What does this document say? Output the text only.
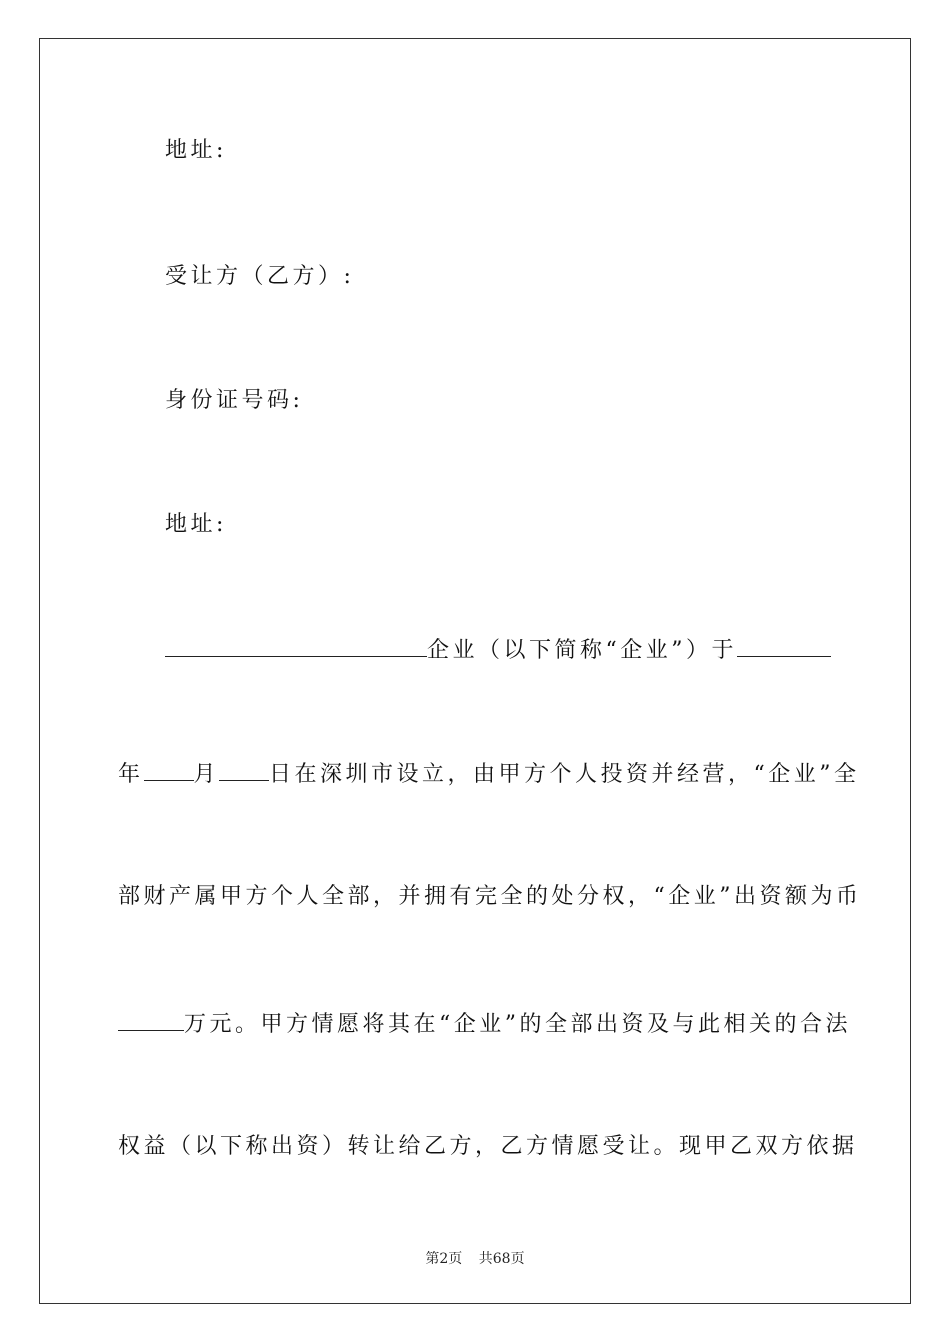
地址:
受让方（乙方）:
身份证号码:
地址:
企业（以下简称“企业”）于
年 月 日在深圳市设立，由甲方个人投资并经营，“企业”全
部财产属甲方个人全部，并拥有完全的处分权，“企业”出资额为币
万元。甲方情愿将其在“企业”的全部出资及与此相关的合法
权益（以下称出资）转让给乙方，乙方情愿受让。现甲乙双方依据
第2页 共68页
